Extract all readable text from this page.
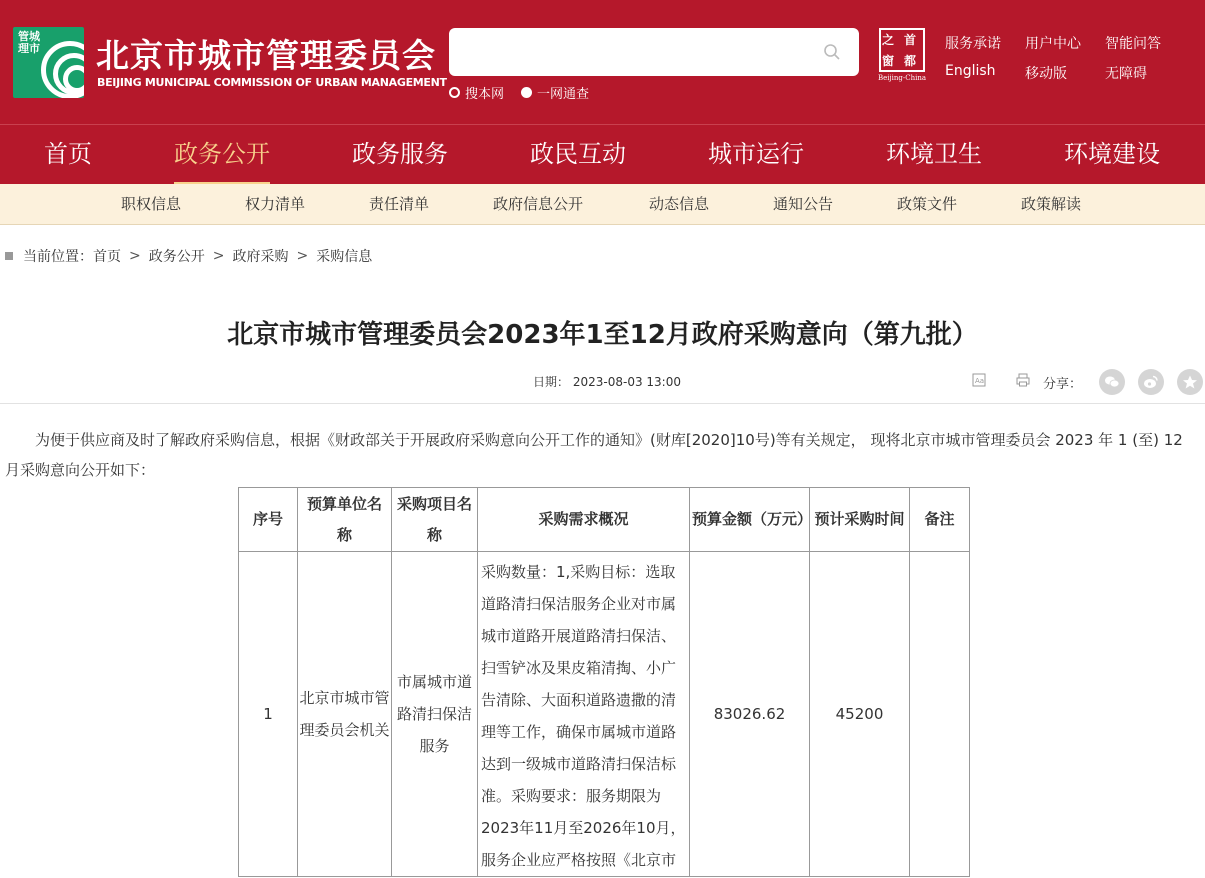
管城理市 北京市城市管理委员会
BEIJING MUNICIPAL COMMISSION OF URBAN MANAGEMENT
搜本网	一网通查
之 首
窗 都
Beijing-China
服务承诺 用户中心 智能问答
English 移动版	无障碍
首页	政务公开	政务服务	政民互动	城市运行	环境卫生	环境建设
职权信息	权力清单	责任清单	政府信息公开	动态信息	通知公告	政策文件	政策解读
当前位置： 首页 > 政务公开 > 政府采购 > 采购信息
北京市城市管理委员会2023年1至12月政府采购意向（第九批）
日期： 2023-08-03 13:00	Aa	分享：

为便于供应商及时了解政府采购信息，根据《财政部关于开展政府采购意向公开工作的通知》(财库[2020]10号)等有关规定， 现将北京市城市管理委员会 2023 年 1 (至) 12 月采购意向公开如下：

序号	预算单位名称	采购项目名称	采购需求概况	预算金额（万元）	预计采购时间	备注
1	北京市城市管理委员会机关	市属城市道路清扫保洁服务	采购数量：1,采购目标：选取道路清扫保洁服务企业对市属城市道路开展道路清扫保洁、扫雪铲冰及果皮箱清掏、小广告清除、大面积道路遗撒的清理等工作，确保市属城市道路达到一级城市道路清扫保洁标准。采购要求：服务期限为2023年11月至2026年10月，服务企业应严格按照《北京市	83026.62	45200	
